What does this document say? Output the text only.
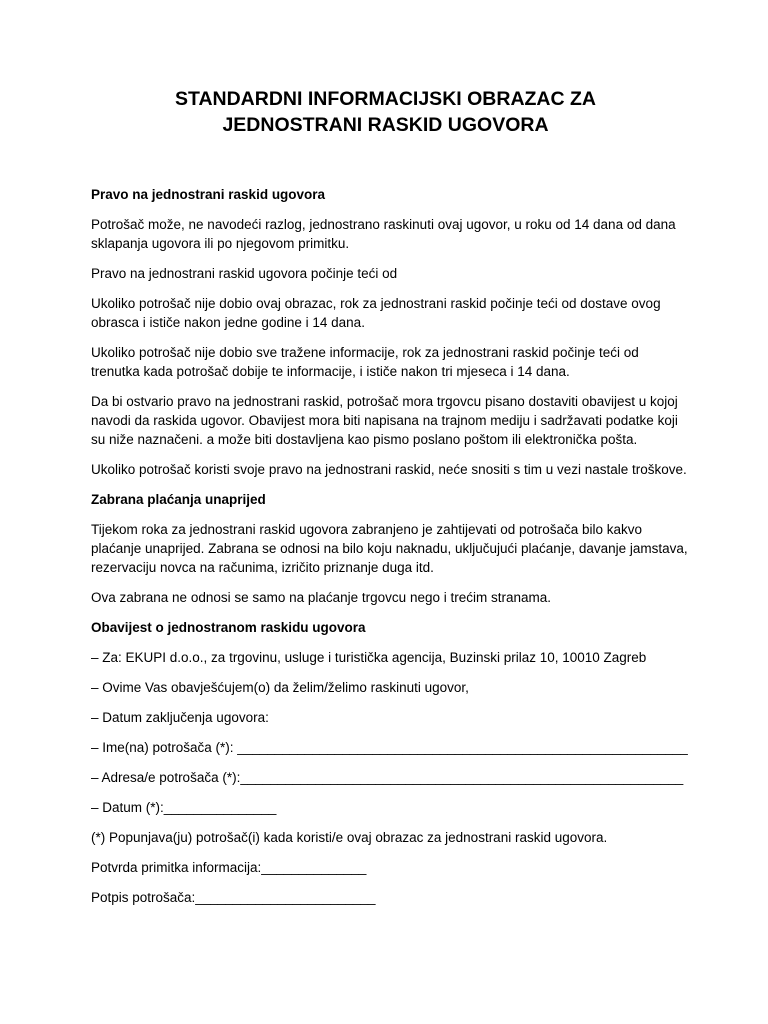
STANDARDNI INFORMACIJSKI OBRAZAC ZA
JEDNOSTRANI RASKID UGOVORA

Pravo na jednostrani raskid ugovora

Potrošač može, ne navodeći razlog, jednostrano raskinuti ovaj ugovor, u roku od 14 dana od dana sklapanja ugovora ili po njegovom primitku.

Pravo na jednostrani raskid ugovora počinje teći od

Ukoliko potrošač nije dobio ovaj obrazac, rok za jednostrani raskid počinje teći od dostave ovog obrasca i ističe nakon jedne godine i 14 dana.

Ukoliko potrošač nije dobio sve tražene informacije, rok za jednostrani raskid počinje teći od trenutka kada potrošač dobije te informacije, i ističe nakon tri mjeseca i 14 dana.

Da bi ostvario pravo na jednostrani raskid, potrošač mora trgovcu pisano dostaviti obavijest u kojoj navodi da raskida ugovor. Obavijest mora biti napisana na trajnom mediju i sadržavati podatke koji su niže naznačeni. a može biti dostavljena kao pismo poslano poštom ili elektronička pošta.

Ukoliko potrošač koristi svoje pravo na jednostrani raskid, neće snositi s tim u vezi nastale troškove.

Zabrana plaćanja unaprijed

Tijekom roka za jednostrani raskid ugovora zabranjeno je zahtijevati od potrošača bilo kakvo plaćanje unaprijed. Zabrana se odnosi na bilo koju naknadu, uključujući plaćanje, davanje jamstava, rezervaciju novca na računima, izričito priznanje duga itd.

Ova zabrana ne odnosi se samo na plaćanje trgovcu nego i trećim stranama.

Obavijest o jednostranom raskidu ugovora

– Za: EKUPI d.o.o., za trgovinu, usluge i turistička agencija, Buzinski prilaz 10, 10010 Zagreb

– Ovime Vas obavješćujem(o) da želim/želimo raskinuti ugovor,

– Datum zaključenja ugovora:

– Ime(na) potrošača (*): ____________________________________________________________

– Adresa/e potrošača (*):___________________________________________________________

– Datum (*):_______________

(*) Popunjava(ju) potrošač(i) kada koristi/e ovaj obrazac za jednostrani raskid ugovora.

Potvrda primitka informacija:______________

Potpis potrošača:________________________
